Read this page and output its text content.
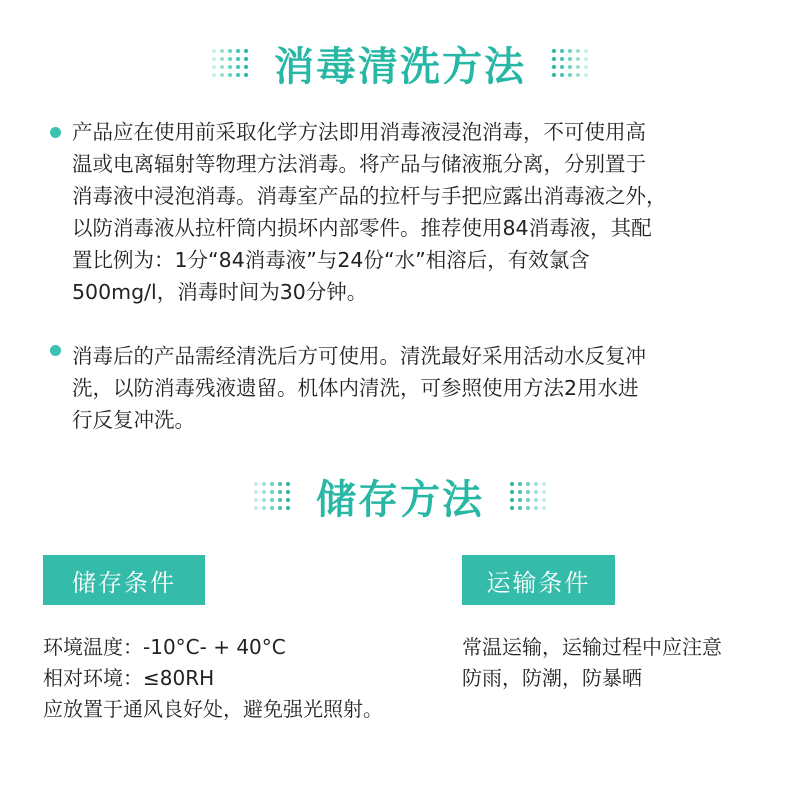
消毒清洗方法
产品应在使用前采取化学方法即用消毒液浸泡消毒，不可使用高
温或电离辐射等物理方法消毒。将产品与储液瓶分离，分别置于
消毒液中浸泡消毒。消毒室产品的拉杆与手把应露出消毒液之外，
以防消毒液从拉杆筒内损坏内部零件。推荐使用84消毒液，其配
置比例为：1分“84消毒液”与24份“水”相溶后，有效氯含
500mg/l，消毒时间为30分钟。
消毒后的产品需经清洗后方可使用。清洗最好采用活动水反复冲
洗，以防消毒残液遗留。机体内清洗，可参照使用方法2用水进
行反复冲洗。
储存方法
储存条件	运输条件
环境温度：-10°C- + 40°C
相对环境：≤80RH
应放置于通风良好处，避免强光照射。
常温运输，运输过程中应注意
防雨，防潮，防暴晒
